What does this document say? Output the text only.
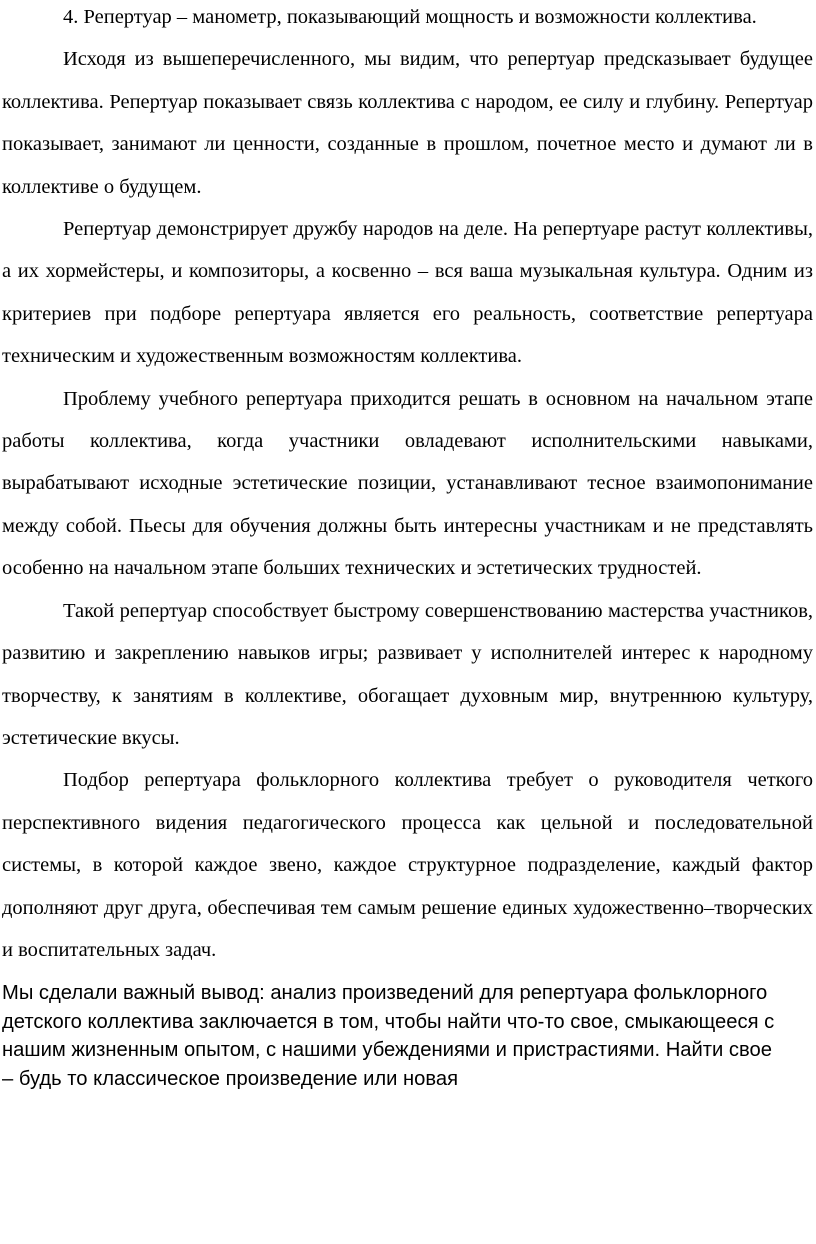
4. Репертуар – манометр, показывающий мощность и возможности коллектива.

Исходя из вышеперечисленного, мы видим, что репертуар предсказывает будущее коллектива. Репертуар показывает связь коллектива с народом, ее силу и глубину. Репертуар показывает, занимают ли ценности, созданные в прошлом, почетное место и думают ли в коллективе о будущем.

Репертуар демонстрирует дружбу народов на деле. На репертуаре растут коллективы, а их хормейстеры, и композиторы, а косвенно – вся ваша музыкальная культура. Одним из критериев при подборе репертуара является его реальность, соответствие репертуара техническим и художественным возможностям коллектива.

Проблему учебного репертуара приходится решать в основном на начальном этапе работы коллектива, когда участники овладевают исполнительскими навыками, вырабатывают исходные эстетические позиции, устанавливают тесное взаимопонимание между собой. Пьесы для обучения должны быть интересны участникам и не представлять особенно на начальном этапе больших технических и эстетических трудностей.

Такой репертуар способствует быстрому совершенствованию мастерства участников, развитию и закреплению навыков игры; развивает у исполнителей интерес к народному творчеству, к занятиям в коллективе, обогащает духовным мир, внутреннюю культуру, эстетические вкусы.

Подбор репертуара фольклорного коллектива требует о руководителя четкого перспективного видения педагогического процесса как цельной и последовательной системы, в которой каждое звено, каждое структурное подразделение, каждый фактор дополняют друг друга, обеспечивая тем самым решение единых художественно–творческих и воспитательных задач.

Мы сделали важный вывод: анализ произведений для репертуара фольклорного детского коллектива заключается в том, чтобы найти что-то свое, смыкающееся с нашим жизненным опытом, с нашими убеждениями и пристрастиями. Найти свое – будь то классическое произведение или новая
